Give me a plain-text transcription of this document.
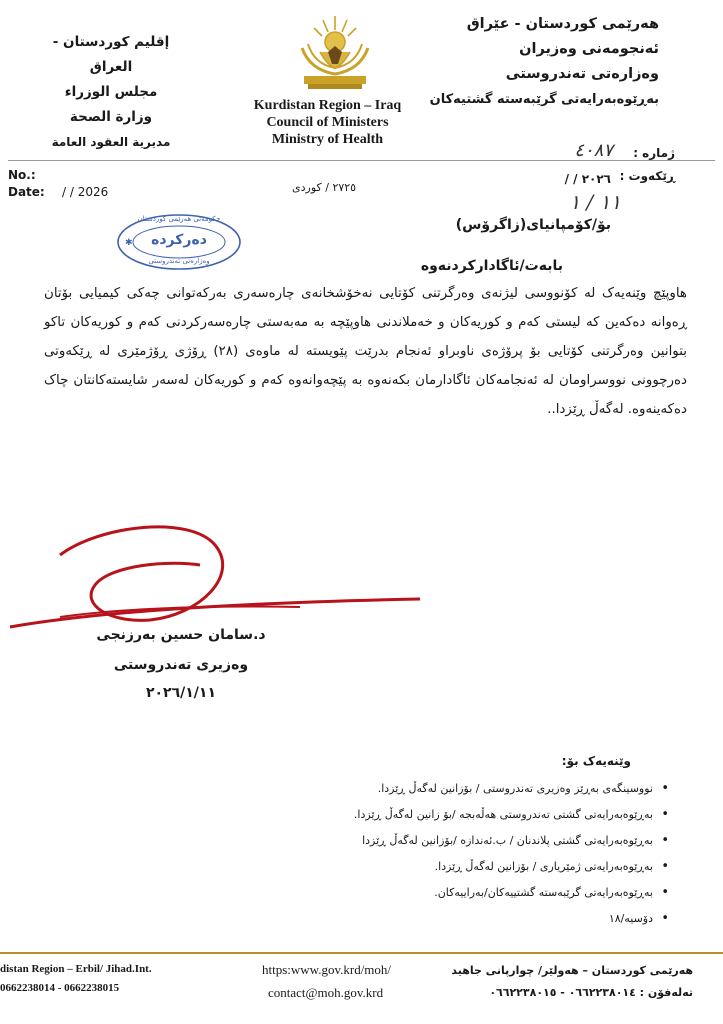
هەرێمی کوردستان - عێراق
ئەنجومەنی وەزیران
وەزارەتی تەندروستی
بەڕێوەبەرایەتی گرێبەستە گشتیەکان
إقليم كوردستان - العراق
مجلس الوزراء
وزارة الصحة
مديرية العقود العامة
Kurdistan Region – Iraq
Council of Ministers
Ministry of Health
No.:
Date: / / 2026	٢٧٢٥ / کوردی
ژمارە :
ڕێکەوت :
٢٠٢٦ / /
٤٠٨٧
١١ / ١
✱
حکومەتی هەرێمی کوردستان
دەرکرده
وەزارەتی تەندروستی
بۆ/کۆمپانیای(زاگرۆس)
بابەت/ئاگادارکردنەوە
هاوپێچ وێنەیەک لە کۆنووسی لیژنەی وەرگرتنی کۆتایی نەخۆشخانەی چارەسەری بەرکەتوانی چەکی کیمیایی بۆتان ڕەوانە دەکەین کە لیستی کەم و کوریەکان و خەملاندنی هاوپێچە بە مەبەستی چارەسەرکردنی کەم و کوریەکان تاکو بتوانین وەرگرتنی کۆتایی بۆ پرۆژەی ناوبراو ئەنجام بدرێت پێویستە لە ماوەی (٢٨) ڕۆژی ڕۆژمێری لە ڕێکەوتی دەرچوونی نووسراومان لە ئەنجامەکان ئاگادارمان بکەنەوە بە پێچەوانەوە کەم و کوریەکان لەسەر شایستەکانتان چاک دەکەینەوە. لەگەڵ ڕێزدا..
د.سامان حسین بەرزنجی
وەزیری تەندروستی
٢٠٢٦/١/١١
وێنەیەک بۆ:
• نووسینگەی بەڕێز وەزیری تەندروستی / بۆزانین لەگەڵ ڕێزدا.
• بەڕێوەبەرایەتی گشتی تەندروستی هەڵەبجە /بۆ زانین لەگەڵ ڕێزدا.
• بەڕێوەبەرایەتی گشتی پلاندنان / ب.ئەندازە /بۆزانین لەگەڵ ڕێزدا
• بەڕێوەبەرایەتی ژمێریاری / بۆزانین لەگەڵ ڕێزدا.
• بەڕێوەبەرایەتی گرێبەستە گشتییەکان/بەراییەکان.
• دۆسیە/١٨
distan Region – Erbil/ Jihad.Int.
0662238014 - 0662238015
https:www.gov.krd/moh/
contact@moh.gov.krd
هەرێمی کوردستان – هەولێر/ چوارپانی جاهید
تەلەفۆن : ٠٦٦٢٢٣٨٠١٤ - ٠٦٦٢٢٣٨٠١٥
